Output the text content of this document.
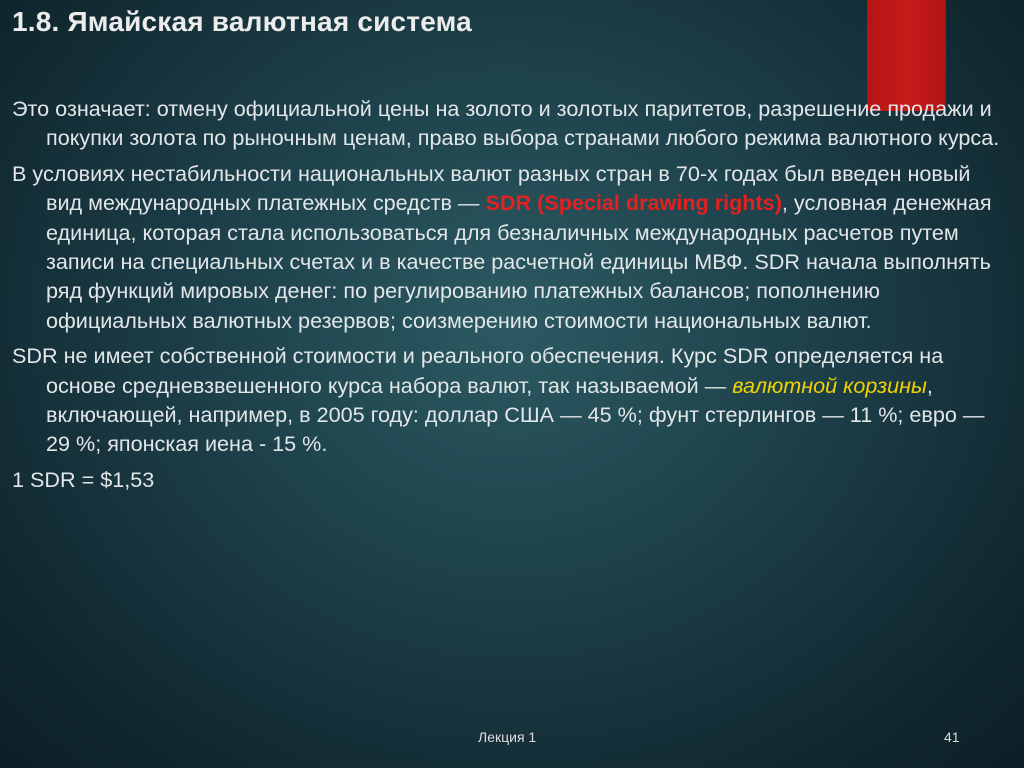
1.8. Ямайская валютная система

Это означает: отмену официальной цены на золото и золотых паритетов, разрешение продажи и покупки золота по рыночным ценам, право выбора странами любого режима валютного курса.

В условиях нестабильности национальных валют разных стран в 70-х годах был введен новый вид международных платежных средств — SDR (Special drawing rights), условная денежная единица, которая стала использоваться для безналичных международных расчетов путем записи на специальных счетах и в качестве расчетной единицы МВФ. SDR начала выполнять ряд функций мировых денег: по регулированию платежных балансов; пополнению официальных валютных резервов; соизмерению стоимости национальных валют.

SDR не имеет собственной стоимости и реального обеспечения. Курс SDR определяется на основе средневзвешенного курса набора валют, так называемой — валютной корзины, включающей, например, в 2005 году: доллар США — 45 %; фунт стерлингов — 11 %; евро — 29 %; японская иена - 15 %.

1 SDR = $1,53

Лекция 1	41
